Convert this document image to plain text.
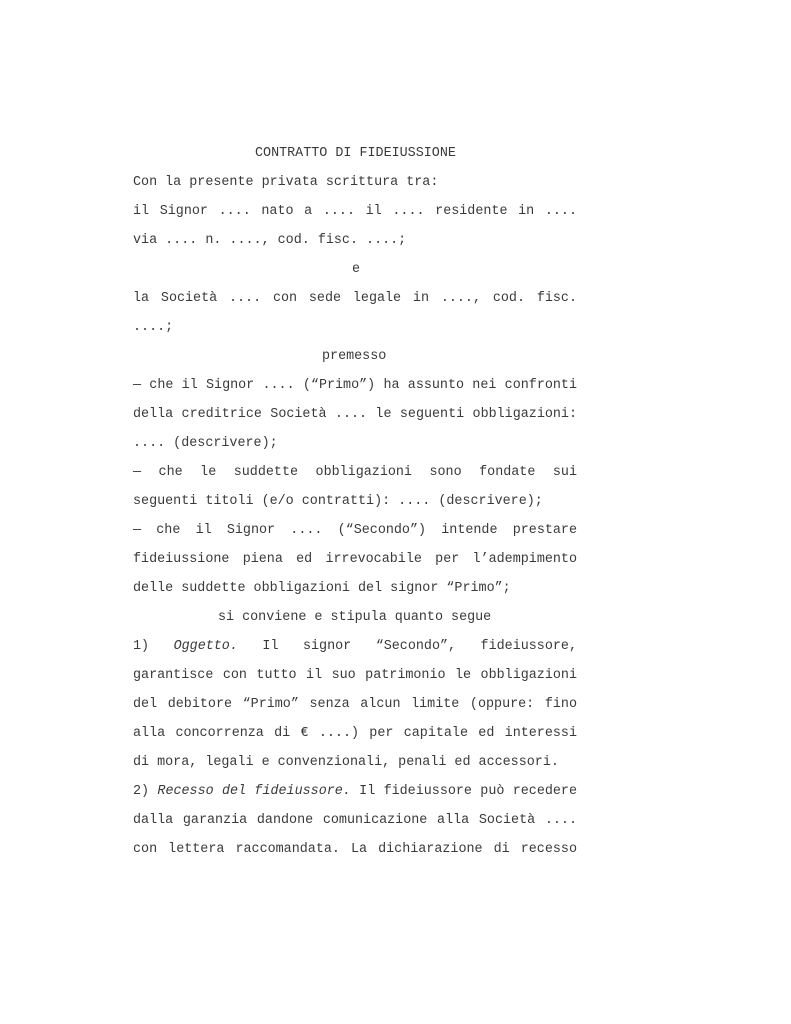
CONTRATTO DI FIDEIUSSIONE
Con la presente privata scrittura tra:
il Signor .... nato a .... il .... residente in ....
via .... n. ...., cod. fisc. ....;
e
la Società .... con sede legale in ...., cod. fisc.
....;
premesso
— che il Signor .... (“Primo”) ha assunto nei confronti
della creditrice Società .... le seguenti obbligazioni:
.... (descrivere);
— che le suddette obbligazioni sono fondate sui
seguenti titoli (e/o contratti): .... (descrivere);
— che il Signor .... (“Secondo”) intende prestare
fideiussione piena ed irrevocabile per l’adempimento
delle suddette obbligazioni del signor “Primo”;
si conviene e stipula quanto segue
1) Oggetto. Il signor “Secondo”, fideiussore,
garantisce con tutto il suo patrimonio le obbligazioni
del debitore “Primo” senza alcun limite (oppure: fino
alla concorrenza di € ....) per capitale ed interessi
di mora, legali e convenzionali, penali ed accessori.
2) Recesso del fideiussore. Il fideiussore può recedere
dalla garanzia dandone comunicazione alla Società ....
con lettera raccomandata. La dichiarazione di recesso
